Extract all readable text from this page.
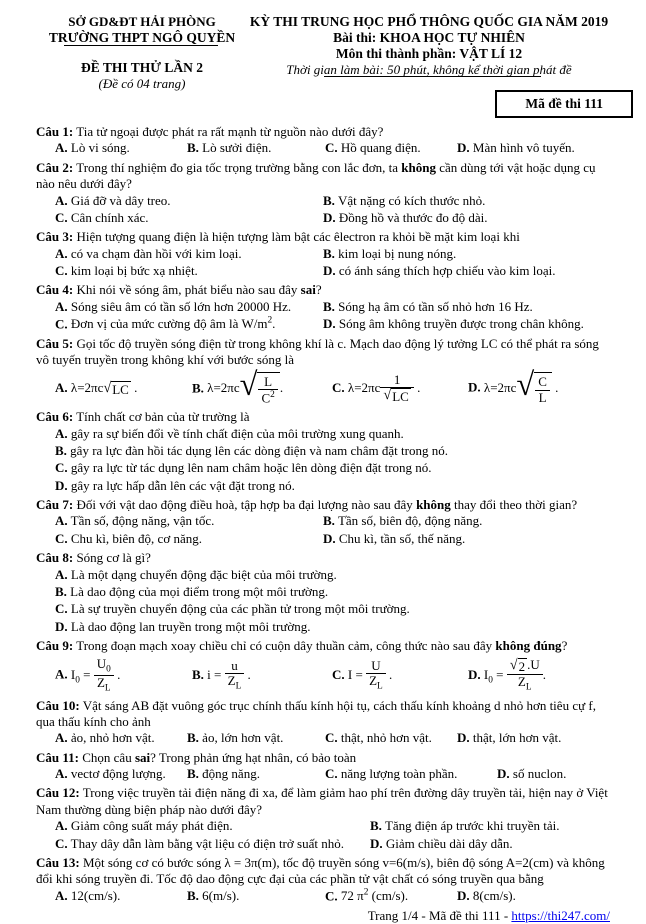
SỞ GD&ĐT HẢI PHÒNG
TRƯỜNG THPT NGÔ QUYỀN
ĐỀ THI THỬ LẦN 2
(Đề có 04 trang)
KỲ THI TRUNG HỌC PHỔ THÔNG QUỐC GIA NĂM 2019
Bài thi: KHOA HỌC TỰ NHIÊN
Môn thi thành phần: VẬT LÍ 12
Thời gian làm bài: 50 phút, không kể thời gian phát đề
Mã đề thi 111
Câu 1: Tia tử ngoại được phát ra rất mạnh từ nguồn nào dưới đây?
A. Lò vi sóng.	B. Lò sưởi điện.	C. Hồ quang điện.	D. Màn hình vô tuyến.
Câu 2: Trong thí nghiệm đo gia tốc trọng trường bằng con lắc đơn, ta không cần dùng tới vật hoặc dụng cụ nào nêu dưới đây?
A. Giá đỡ và dây treo.	B. Vật nặng có kích thước nhỏ.
C. Cân chính xác.	D. Đồng hồ và thước đo độ dài.
Câu 3: Hiện tượng quang điện là hiện tượng làm bật các êlectron ra khỏi bề mặt kim loại khi
A. có va chạm đàn hồi với kim loại.	B. kim loại bị nung nóng.
C. kim loại bị bức xạ nhiệt.	D. có ánh sáng thích hợp chiếu vào kim loại.
Câu 4: Khi nói về sóng âm, phát biểu nào sau đây sai?
A. Sóng siêu âm có tần số lớn hơn 20000 Hz.	B. Sóng hạ âm có tần số nhỏ hơn 16 Hz.
C. Đơn vị của mức cường độ âm là $W/m^2$.	D. Sóng âm không truyền được trong chân không.
Câu 5: Gọi tốc độ truyền sóng điện từ trong không khí là c. Mạch dao động lý tưởng LC có thể phát ra sóng vô tuyến truyền trong không khí với bước sóng là
A. λ=2πc √ LC .	B. λ=2πc √ $\frac{L}{C^2}$ .	C. $\lambda=2\pi c \frac{1}{√ LC}$ .	D. λ=2πc √ $\frac{C}{L}$ .
Câu 6: Tính chất cơ bản của từ trường là
A. gây ra sự biến đổi về tính chất điện của môi trường xung quanh.
B. gây ra lực đàn hồi tác dụng lên các dòng điện và nam châm đặt trong nó.
C. gây ra lực từ tác dụng lên nam châm hoặc lên dòng điện đặt trong nó.
D. gây ra lực hấp dẫn lên các vật đặt trong nó.
Câu 7: Đối với vật dao động điều hoà, tập hợp ba đại lượng nào sau đây không thay đổi theo thời gian?
A. Tần số, động năng, vận tốc.	B. Tần số, biên độ, động năng.
C. Chu kì, biên độ, cơ năng.	D. Chu kì, tần số, thế năng.
Câu 8: Sóng cơ là gì?
A. Là một dạng chuyển động đặc biệt của môi trường.
B. Là dao động của mọi điểm trong một môi trường.
C. Là sự truyền chuyển động của các phần tử trong một môi trường.
D. Là dao động lan truyền trong một môi trường.
Câu 9: Trong đoạn mạch xoay chiều chỉ có cuộn dây thuần cảm, công thức nào sau đây không đúng?
A. $I_0 = \frac{U_0}{Z_L}$ .	B. $i = \frac{u}{Z_L}$ .	C. $I = \frac{U}{Z_L}$ .	D. $I_0 = \frac{√ 2 .U}{Z_L}$ .
Câu 10: Vật sáng AB đặt vuông góc trục chính thấu kính hội tụ, cách thấu kính khoảng d nhỏ hơn tiêu cự f, qua thấu kính cho ảnh
A. ảo, nhỏ hơn vật.	B. ảo, lớn hơn vật.	C. thật, nhỏ hơn vật.	D. thật, lớn hơn vật.
Câu 11: Chọn câu sai? Trong phản ứng hạt nhân, có bảo toàn
A. vectơ động lượng.	B. động năng.	C. năng lượng toàn phần.	D. số nuclon.
Câu 12: Trong việc truyền tải điện năng đi xa, để làm giảm hao phí trên đường dây truyền tải, hiện nay ở Việt Nam thường dùng biện pháp nào dưới đây?
A. Giảm công suất máy phát điện.	B. Tăng điện áp trước khi truyền tải.
C. Thay dây dẫn làm bằng vật liệu có điện trở suất nhỏ.	D. Giảm chiều dài dây dẫn.
Câu 13: Một sóng cơ có bước sóng λ = 3π(m), tốc độ truyền sóng v=6(m/s), biên độ sóng A=2(cm) và không đổi khi sóng truyền đi. Tốc độ dao động cực đại của các phần tử vật chất có sóng truyền qua bằng
A. 12(cm/s).	B. 6(m/s).	C. 72 $\pi^2$ (cm/s).	D. 8(cm/s).
Trang 1/4 - Mã đề thi 111 - https://thi247.com/
